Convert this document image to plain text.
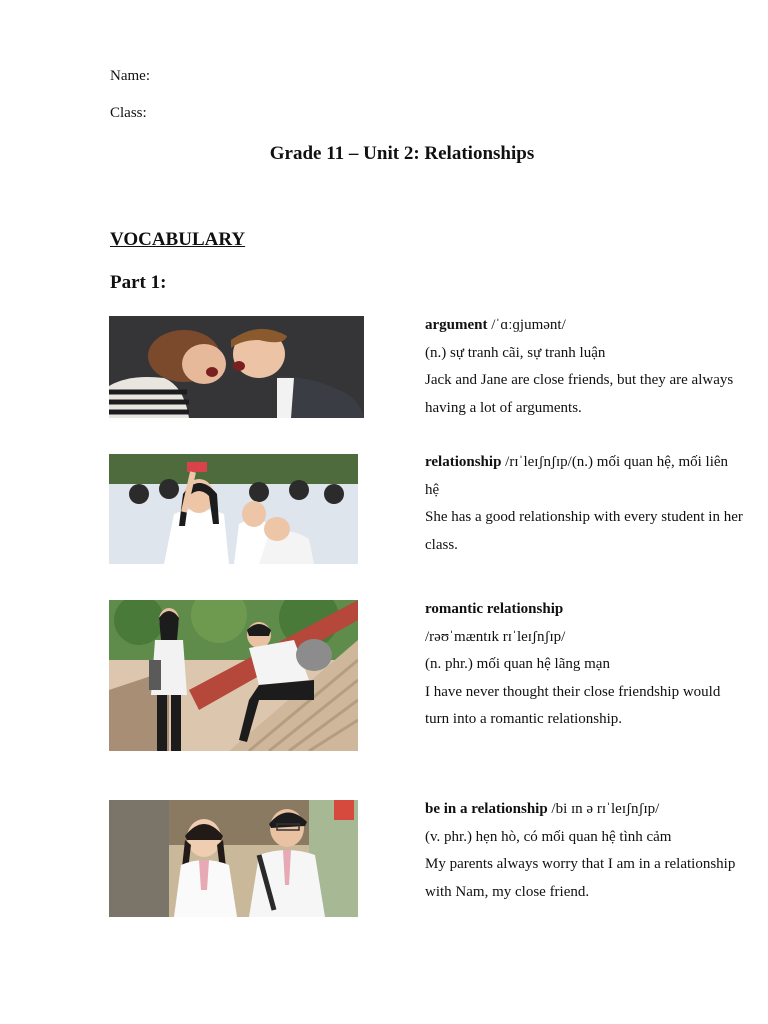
Name:
Class:
Grade 11 – Unit 2: Relationships
VOCABULARY
Part 1:
argument /ˈɑːɡjumənt/
(n.) sự tranh cãi, sự tranh luận
Jack and Jane are close friends, but they are always having a lot of arguments.
relationship /rɪˈleɪʃnʃɪp/(n.) mối quan hệ, mối liên hệ
She has a good relationship with every student in her class.
romantic relationship
/rəʊˈmæntɪk rɪˈleɪʃnʃɪp/
(n. phr.) mối quan hệ lãng mạn
I have never thought their close friendship would turn into a romantic relationship.
be in a relationship /bi ɪn ə rɪˈleɪʃnʃɪp/
(v. phr.) hẹn hò, có mối quan hệ tình cảm
My parents always worry that I am in a relationship with Nam, my close friend.
